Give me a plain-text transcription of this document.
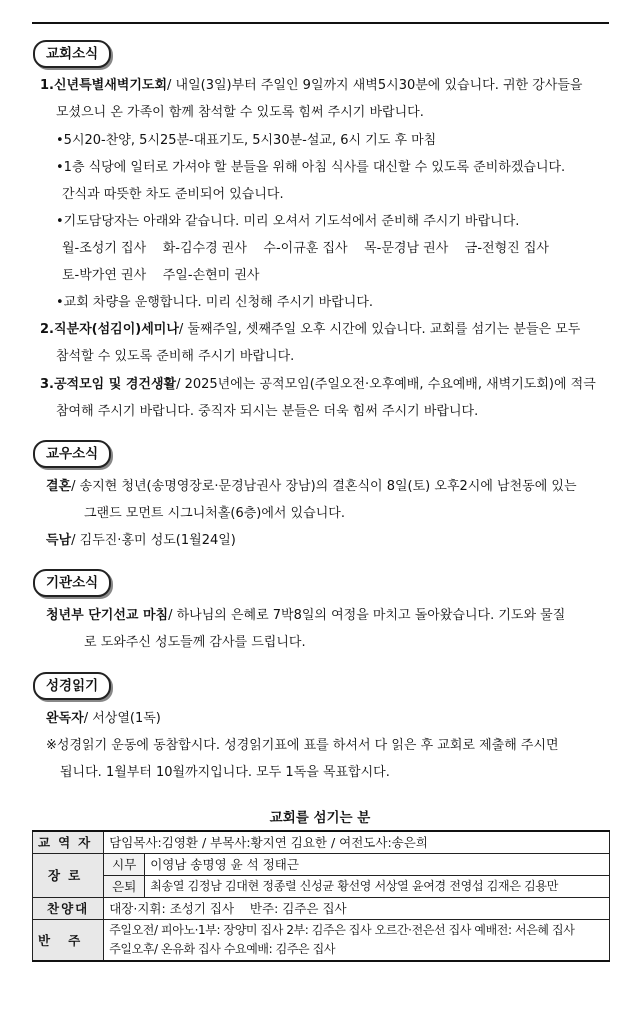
교회소식
1.신년특별새벽기도회/ 내일(3일)부터 주일인 9일까지 새벽5시30분에 있습니다. 귀한 강사들을
모셨으니 온 가족이 함께 참석할 수 있도록 힘써 주시기 바랍니다.
•5시20-찬양, 5시25분-대표기도, 5시30분-설교, 6시 기도 후 마침
•1층 식당에 일터로 가셔야 할 분들을 위해 아침 식사를 대신할 수 있도록 준비하겠습니다.
간식과 따뜻한 차도 준비되어 있습니다.
•기도담당자는 아래와 같습니다. 미리 오셔서 기도석에서 준비해 주시기 바랍니다.
월-조성기 집사    화-김수경 권사    수-이규훈 집사    목-문경남 권사    금-전형진 집사
토-박가연 권사    주일-손현미 권사
•교회 차량을 운행합니다. 미리 신청해 주시기 바랍니다.
2.직분자(섬김이)세미나/ 둘째주일, 셋째주일 오후 시간에 있습니다. 교회를 섬기는 분들은 모두
참석할 수 있도록 준비해 주시기 바랍니다.
3.공적모임 및 경건생활/ 2025년에는 공적모임(주일오전·오후예배, 수요예배, 새벽기도회)에 적극
참여해 주시기 바랍니다. 중직자 되시는 분들은 더욱 힘써 주시기 바랍니다.
교우소식
결혼/ 송지현 청년(송명영장로·문경남권사 장남)의 결혼식이 8일(토) 오후2시에 남천동에 있는
그랜드 모먼트 시그니처홀(6층)에서 있습니다.
득남/ 김두진·홍미 성도(1월24일)
기관소식
청년부 단기선교 마침/ 하나님의 은혜로 7박8일의 여정을 마치고 돌아왔습니다. 기도와 물질
로 도와주신 성도들께 감사를 드립니다.
성경읽기
완독자/ 서상열(1독)
※성경읽기 운동에 동참합시다. 성경읽기표에 표를 하셔서 다 읽은 후 교회로 제출해 주시면
됩니다. 1월부터 10월까지입니다. 모두 1독을 목표합시다.
교회를 섬기는 분
교역자	담임목사:김영환 / 부목사:황지연 김요한 / 여전도사:송은희	
장로	시무	이영남 송명영 윤 석 정태근
	은퇴	최송열 김정남 김대현 정종렬 신성균 황선영 서상열 윤여경 전영섭 김재은 김용만
찬양대	대장·지휘: 조성기 집사    반주: 김주은 집사	
반주	주일오전/ 피아노·1부: 장양미 집사 2부: 김주은 집사 오르간·전은선 집사 예배전: 서은혜 집사
주일오후/ 온유화 집사 수요예배: 김주은 집사	
